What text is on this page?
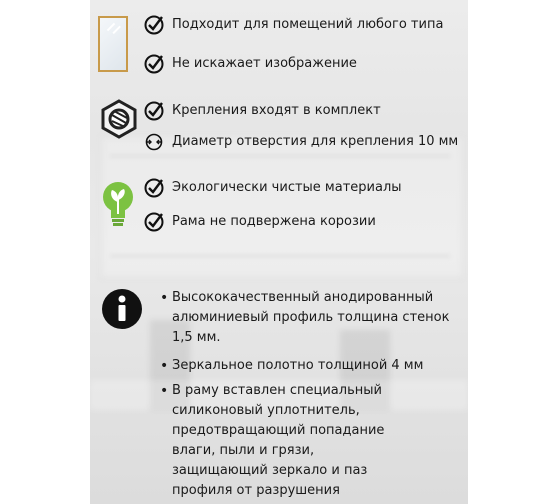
Подходит для помещений любого типа
Не искажает изображение
Крепления входят в комплект
Диаметр отверстия для крепления 10 мм
Экологически чистые материалы
Рама не подвержена корозии
• Высококачественный анодированный
алюминиевый профиль толщина стенок
1,5 мм.
• Зеркальное полотно толщиной 4 мм
• В раму вставлен специальный
силиконовый уплотнитель,
предотвращающий попадание
влаги, пыли и грязи,
защищающий зеркало и паз
профиля от разрушения
